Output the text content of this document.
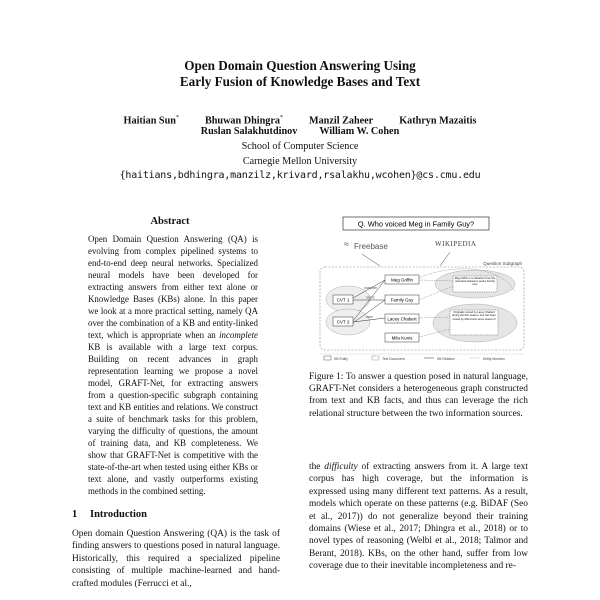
Open Domain Question Answering Using
Early Fusion of Knowledge Bases and Text
Haitian Sun*	Bhuwan Dhingra*	Manzil Zaheer	Kathryn Mazaitis
Ruslan Salakhutdinov William W. Cohen
School of Computer Science
Carnegie Mellon University
{haitians,bdhingra,manzilz,krivard,rsalakhu,wcohen}@cs.cmu.edu
Abstract
Open Domain Question Answering (QA) is evolving from complex pipelined systems to end-to-end deep neural networks. Specialized neural models have been developed for extracting answers from either text alone or Knowledge Bases (KBs) alone. In this paper we look at a more practical setting, namely QA over the combination of a KB and entity-linked text, which is appropriate when an incomplete KB is available with a large text corpus. Building on recent advances in graph representation learning we propose a novel model, GRAFT-Net, for extracting answers from a question-specific subgraph containing text and KB entities and relations. We construct a suite of benchmark tasks for this problem, varying the difficulty of questions, the amount of training data, and KB completeness. We show that GRAFT-Net is competitive with the state-of-the-art when tested using either KBs or text alone, and vastly outperforms existing methods in the combined setting.
1 Introduction
Open domain Question Answering (QA) is the task of finding answers to questions posed in natural language. Historically, this required a specialized pipeline consisting of multiple machine-learned and hand-crafted modules (Ferrucci et al.,
Q. Who voiced Meg in Family Guy?
Freebase
≈	WIKIPEDIA
Question Subgraph
CVT 1
CVT 2
Meg Griffin
Family Guy
Lacey Chabert
Mila Kunis
character
series
actor
Meg Griffin is a character from the animated television series Family Guy
Originally voiced by Lacey Chabert during the first season, she has been voiced by Mila Kunis since season 2
KB Entity	Text Document	KB Relation	Entity Mention
Figure 1: To answer a question posed in natural language, GRAFT-Net considers a heterogeneous graph constructed from text and KB facts, and thus can leverage the rich relational structure between the two information sources.
the difficulty of extracting answers from it. A large text corpus has high coverage, but the information is expressed using many different text patterns. As a result, models which operate on these patterns (e.g. BiDAF (Seo et al., 2017)) do not generalize beyond their training domains (Wiese et al., 2017; Dhingra et al., 2018) or to novel types of reasoning (Welbl et al., 2018; Talmor and Berant, 2018). KBs, on the other hand, suffer from low coverage due to their inevitable incompleteness and re-
